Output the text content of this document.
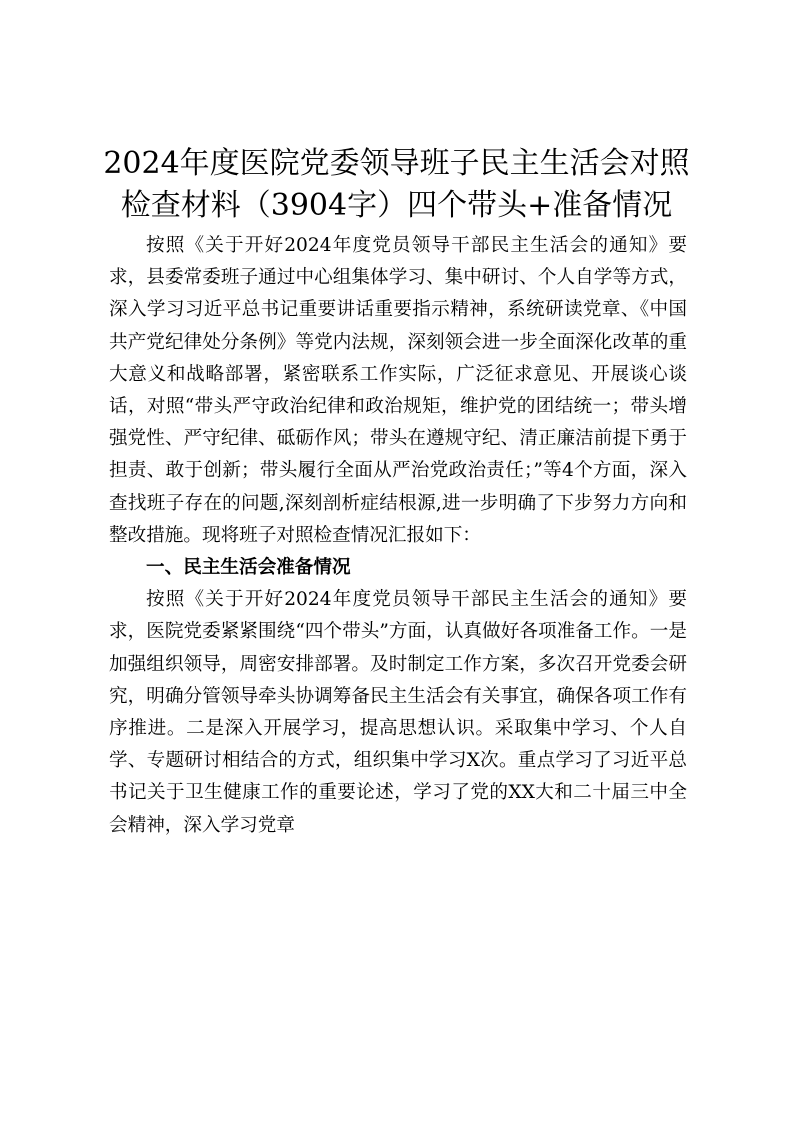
2024年度医院党委领导班子民主生活会对照
检查材料（3904字）四个带头+准备情况

按照《关于开好2024年度党员领导干部民主生活会的通知》要求，县委常委班子通过中心组集体学习、集中研讨、个人自学等方式，深入学习习近平总书记重要讲话重要指示精神，系统研读党章、《中国共产党纪律处分条例》等党内法规，深刻领会进一步全面深化改革的重大意义和战略部署，紧密联系工作实际，广泛征求意见、开展谈心谈话，对照“带头严守政治纪律和政治规矩，维护党的团结统一；带头增强党性、严守纪律、砥砺作风；带头在遵规守纪、清正廉洁前提下勇于担责、敢于创新；带头履行全面从严治党政治责任；”等4个方面，深入查找班子存在的问题,深刻剖析症结根源,进一步明确了下步努力方向和整改措施。现将班子对照检查情况汇报如下：

一、民主生活会准备情况

按照《关于开好2024年度党员领导干部民主生活会的通知》要求，医院党委紧紧围绕“四个带头”方面，认真做好各项准备工作。一是加强组织领导，周密安排部署。及时制定工作方案，多次召开党委会研究，明确分管领导牵头协调筹备民主生活会有关事宜，确保各项工作有序推进。二是深入开展学习，提高思想认识。采取集中学习、个人自学、专题研讨相结合的方式，组织集中学习X次。重点学习了习近平总书记关于卫生健康工作的重要论述，学习了党的XX大和二十届三中全会精神，深入学习党章
